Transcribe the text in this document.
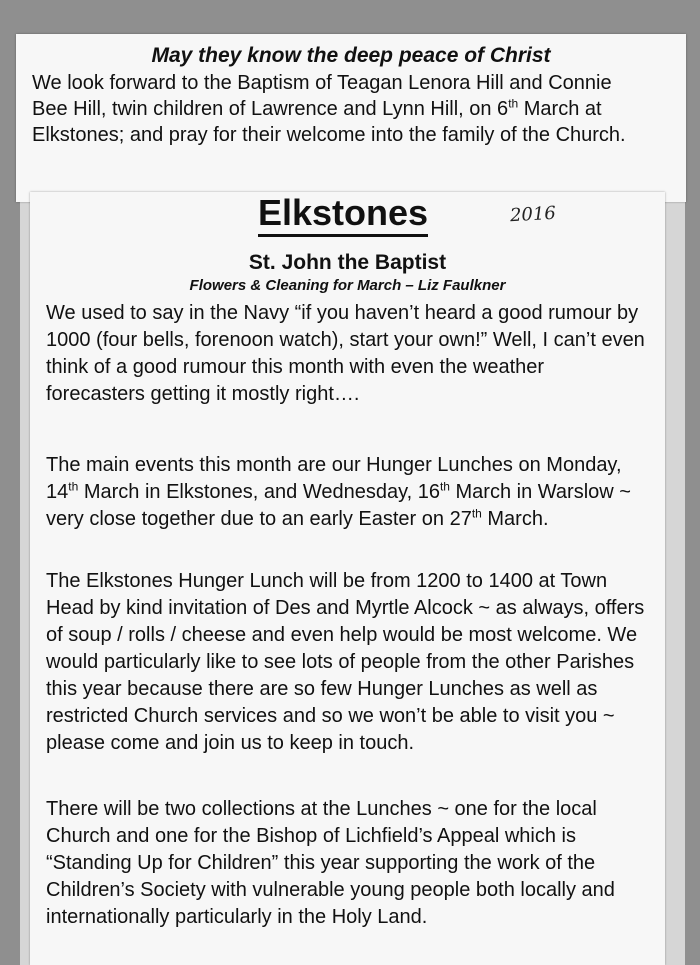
May they know the deep peace of Christ

We look forward to the Baptism of Teagan Lenora Hill and Connie Bee Hill, twin children of Lawrence and Lynn Hill, on 6th March at Elkstones; and pray for their welcome into the family of the Church.

Elkstones	2016

St. John the Baptist

Flowers & Cleaning for March – Liz Faulkner

We used to say in the Navy “if you haven’t heard a good rumour by 1000 (four bells, forenoon watch), start your own!” Well, I can’t even think of a good rumour this month with even the weather forecasters getting it mostly right….

The main events this month are our Hunger Lunches on Monday, 14th March in Elkstones, and Wednesday, 16th March in Warslow ~ very close together due to an early Easter on 27th March.

The Elkstones Hunger Lunch will be from 1200 to 1400 at Town Head by kind invitation of Des and Myrtle Alcock ~ as always, offers of soup / rolls / cheese and even help would be most welcome. We would particularly like to see lots of people from the other Parishes this year because there are so few Hunger Lunches as well as restricted Church services and so we won’t be able to visit you ~ please come and join us to keep in touch.

There will be two collections at the Lunches ~ one for the local Church and one for the Bishop of Lichfield’s Appeal which is “Standing Up for Children” this year supporting the work of the Children’s Society with vulnerable young people both locally and internationally particularly in the Holy Land.
